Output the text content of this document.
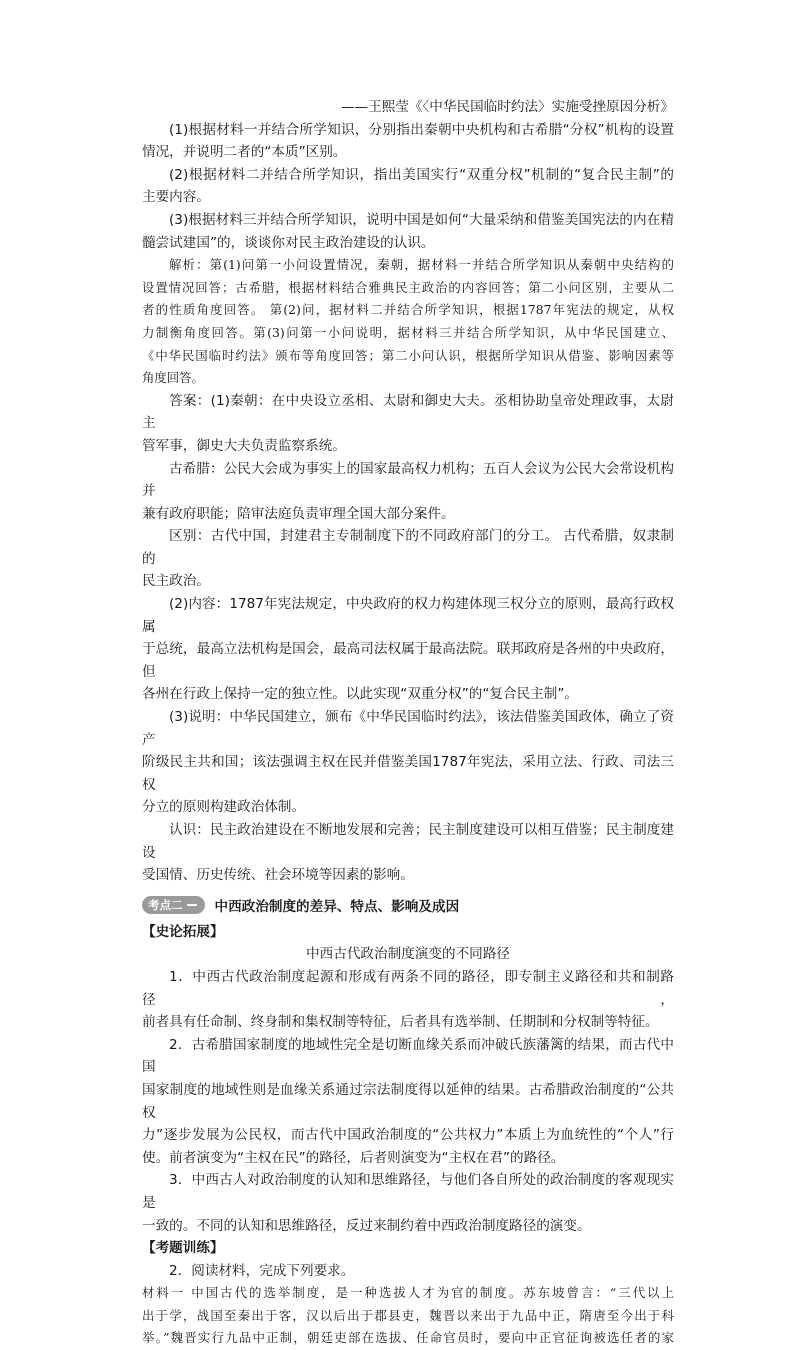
——王熙莹《〈中华民国临时约法〉实施受挫原因分析》

(1)根据材料一并结合所学知识，分别指出秦朝中央机构和古希腊“分权”机构的设置

情况，并说明二者的“本质”区别。

(2)根据材料二并结合所学知识，指出美国实行“双重分权”机制的“复合民主制”的

主要内容。

(3)根据材料三并结合所学知识，说明中国是如何“大量采纳和借鉴美国宪法的内在精

髓尝试建国”的，谈谈你对民主政治建设的认识。

解析：第(1)问第一小问设置情况，秦朝，据材料一并结合所学知识从秦朝中央结构的

设置情况回答；古希腊，根据材料结合雅典民主政治的内容回答；第二小问区别，主要从二

者的性质角度回答。 第(2)问，据材料二并结合所学知识，根据1787年宪法的规定，从权

力制衡角度回答。第(3)问第一小问说明，据材料三并结合所学知识，从中华民国建立、

《中华民国临时约法》颁布等角度回答；第二小问认识，根据所学知识从借鉴、影响因素等

角度回答。

答案：(1)秦朝：在中央设立丞相、太尉和御史大夫。丞相协助皇帝处理政事，太尉主

管军事，御史大夫负责监察系统。

古希腊：公民大会成为事实上的国家最高权力机构；五百人会议为公民大会常设机构并

兼有政府职能；陪审法庭负责审理全国大部分案件。

区别：古代中国，封建君主专制制度下的不同政府部门的分工。 古代希腊，奴隶制的

民主政治。

(2)内容：1787年宪法规定，中央政府的权力构建体现三权分立的原则，最高行政权属

于总统，最高立法机构是国会，最高司法权属于最高法院。联邦政府是各州的中央政府，但

各州在行政上保持一定的独立性。以此实现“双重分权”的“复合民主制”。

(3)说明：中华民国建立，颁布《中华民国临时约法》，该法借鉴美国政体，确立了资产

阶级民主共和国；该法强调主权在民并借鉴美国1787年宪法，采用立法、行政、司法三权

分立的原则构建政治体制。

认识：民主政治建设在不断地发展和完善；民主制度建设可以相互借鉴；民主制度建设

受国情、历史传统、社会环境等因素的影响。

考点二 中西政治制度的差异、特点、影响及成因

【史论拓展】

中西古代政治制度演变的不同路径

1．中西古代政治制度起源和形成有两条不同的路径，即专制主义路径和共和制路径，

前者具有任命制、终身制和集权制等特征，后者具有选举制、任期制和分权制等特征。

2．古希腊国家制度的地域性完全是切断血缘关系而冲破氏族藩篱的结果，而古代中国

国家制度的地域性则是血缘关系通过宗法制度得以延伸的结果。古希腊政治制度的“公共权

力”逐步发展为公民权，而古代中国政治制度的“公共权力”本质上为血统性的“个人”行

使。前者演变为“主权在民”的路径，后者则演变为“主权在君”的路径。

3．中西古人对政治制度的认知和思维路径，与他们各自所处的政治制度的客观现实是

一致的。不同的认知和思维路径，反过来制约着中西政治制度路径的演变。

【考题训练】

2．阅读材料，完成下列要求。

材料一 中国古代的选举制度，是一种选拔人才为官的制度。苏东坡曾言：“三代以上

出于学，战国至秦出于客，汉以后出于郡县吏，魏晋以来出于九品中正，隋唐至今出于科

举。”魏晋实行九品中正制，朝廷吏部在选拔、任命官员时，要向中正官征询被选任者的家
